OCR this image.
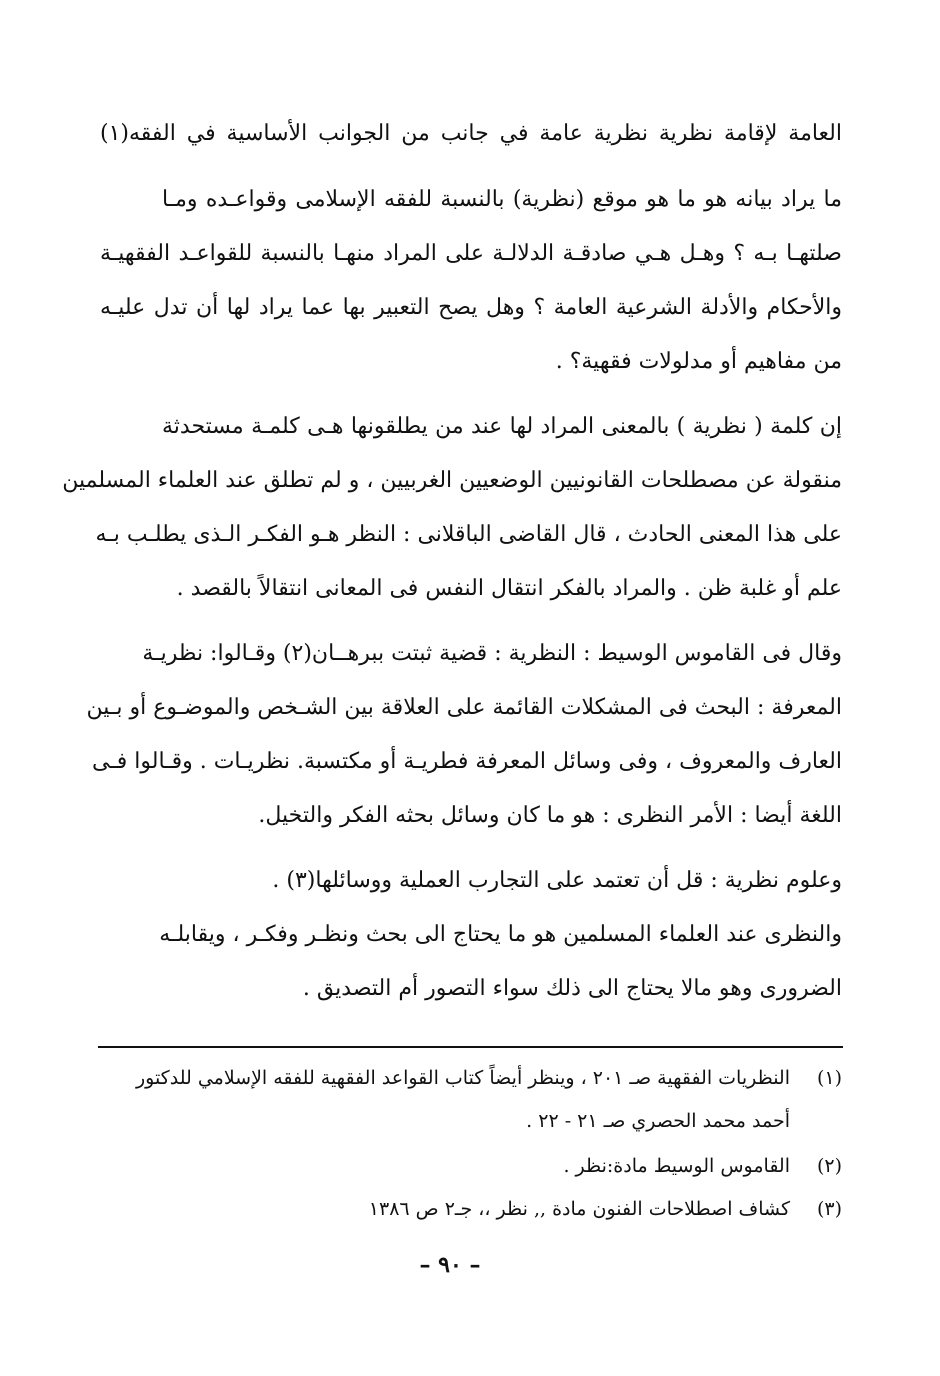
العامة لإقامة نظرية نظرية عامة في جانب من الجوانب الأساسية في الفقه(١)
ما يراد بيانه هو ما هو موقع (نظرية) بالنسبة للفقه الإسلامى وقواعـده ومـا
صلتهـا بـه ؟ وهـل هـي صادقـة الدلالـة على المراد منهـا بالنسبة للقواعـد الفقهيـة
والأحكام والأدلة الشرعية العامة ؟ وهل يصح التعبير بها عما يراد لها أن تدل عليـه
من مفاهيم أو مدلولات فقهية؟ .
إن كلمة ( نظرية ) بالمعنى المراد لها عند من يطلقونها هـى كلمـة مستحدثة
منقولة عن مصطلحات القانونيين الوضعيين الغربيين ، و لم تطلق عند العلماء المسلمين
على هذا المعنى الحادث ، قال القاضى الباقلانى : النظر هـو الفكـر الـذى يطلـب بـه
علم أو غلبة ظن . والمراد بالفكر انتقال النفس فى المعانى انتقالاً بالقصد .
وقال فى القاموس الوسيط : النظرية : قضية ثبتت ببرهــان(٢) وقـالوا: نظريـة
المعرفة : البحث فى المشكلات القائمة على العلاقة بين الشـخص والموضـوع أو بـين
العارف والمعروف ، وفى وسائل المعرفة فطريـة أو مكتسبة. نظريـات . وقـالوا فـى
اللغة أيضا : الأمر النظرى : هو ما كان وسائل بحثه الفكر والتخيل.
وعلوم نظرية : قل أن تعتمد على التجارب العملية ووسائلها(٣) .
والنظرى عند العلماء المسلمين هو ما يحتاج الى بحث ونظـر وفكـر ، ويقابلـه
الضرورى وهو مالا يحتاج الى ذلك سواء التصور أم التصديق .
(١)
النظريات الفقهية صـ ٢٠١ ، وينظر أيضاً كتاب القواعد الفقهية للفقه الإسلامي للدكتور
أحمد محمد الحصري صـ ٢١ - ٢٢ .
(٢)
القاموس الوسيط مادة:نظر .
(٣)
كشاف اصطلاحات الفنون مادة ,, نظر ،، جـ٢ ص ١٣٨٦
– ٩٠ –
